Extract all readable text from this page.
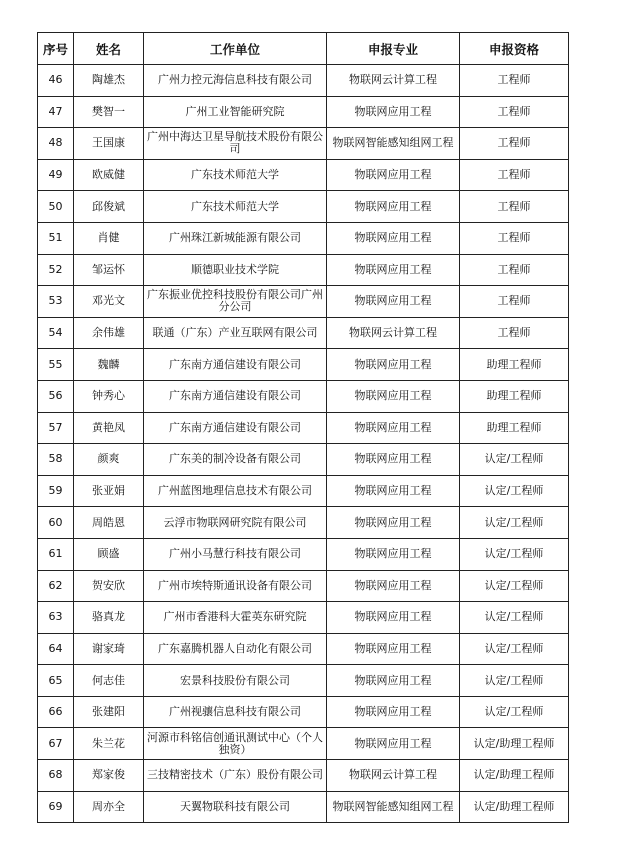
序号	姓名	工作单位	申报专业	申报资格
46	陶雄杰	广州力控元海信息科技有限公司	物联网云计算工程	工程师
47	樊智一	广州工业智能研究院	物联网应用工程	工程师
48	王国康	广州中海达卫星导航技术股份有限公司	物联网智能感知组网工程	工程师
49	欧威健	广东技术师范大学	物联网应用工程	工程师
50	邱俊斌	广东技术师范大学	物联网应用工程	工程师
51	肖健	广州珠江新城能源有限公司	物联网应用工程	工程师
52	邹运怀	顺德职业技术学院	物联网应用工程	工程师
53	邓光文	广东振业优控科技股份有限公司广州分公司	物联网应用工程	工程师
54	余伟雄	联通（广东）产业互联网有限公司	物联网云计算工程	工程师
55	魏麟	广东南方通信建设有限公司	物联网应用工程	助理工程师
56	钟秀心	广东南方通信建设有限公司	物联网应用工程	助理工程师
57	黄艳凤	广东南方通信建设有限公司	物联网应用工程	助理工程师
58	颜爽	广东美的制冷设备有限公司	物联网应用工程	认定/工程师
59	张亚娟	广州蓝图地理信息技术有限公司	物联网应用工程	认定/工程师
60	周皓恩	云浮市物联网研究院有限公司	物联网应用工程	认定/工程师
61	顾盛	广州小马慧行科技有限公司	物联网应用工程	认定/工程师
62	贺安欣	广州市埃特斯通讯设备有限公司	物联网应用工程	认定/工程师
63	骆真龙	广州市香港科大霍英东研究院	物联网应用工程	认定/工程师
64	谢家琦	广东嘉腾机器人自动化有限公司	物联网应用工程	认定/工程师
65	何志佳	宏景科技股份有限公司	物联网应用工程	认定/工程师
66	张建阳	广州视骧信息科技有限公司	物联网应用工程	认定/工程师
67	朱兰花	河源市科铭信创通讯测试中心（个人独资）	物联网应用工程	认定/助理工程师
68	郑家俊	三技精密技术（广东）股份有限公司	物联网云计算工程	认定/助理工程师
69	周亦全	天翼物联科技有限公司	物联网智能感知组网工程	认定/助理工程师
